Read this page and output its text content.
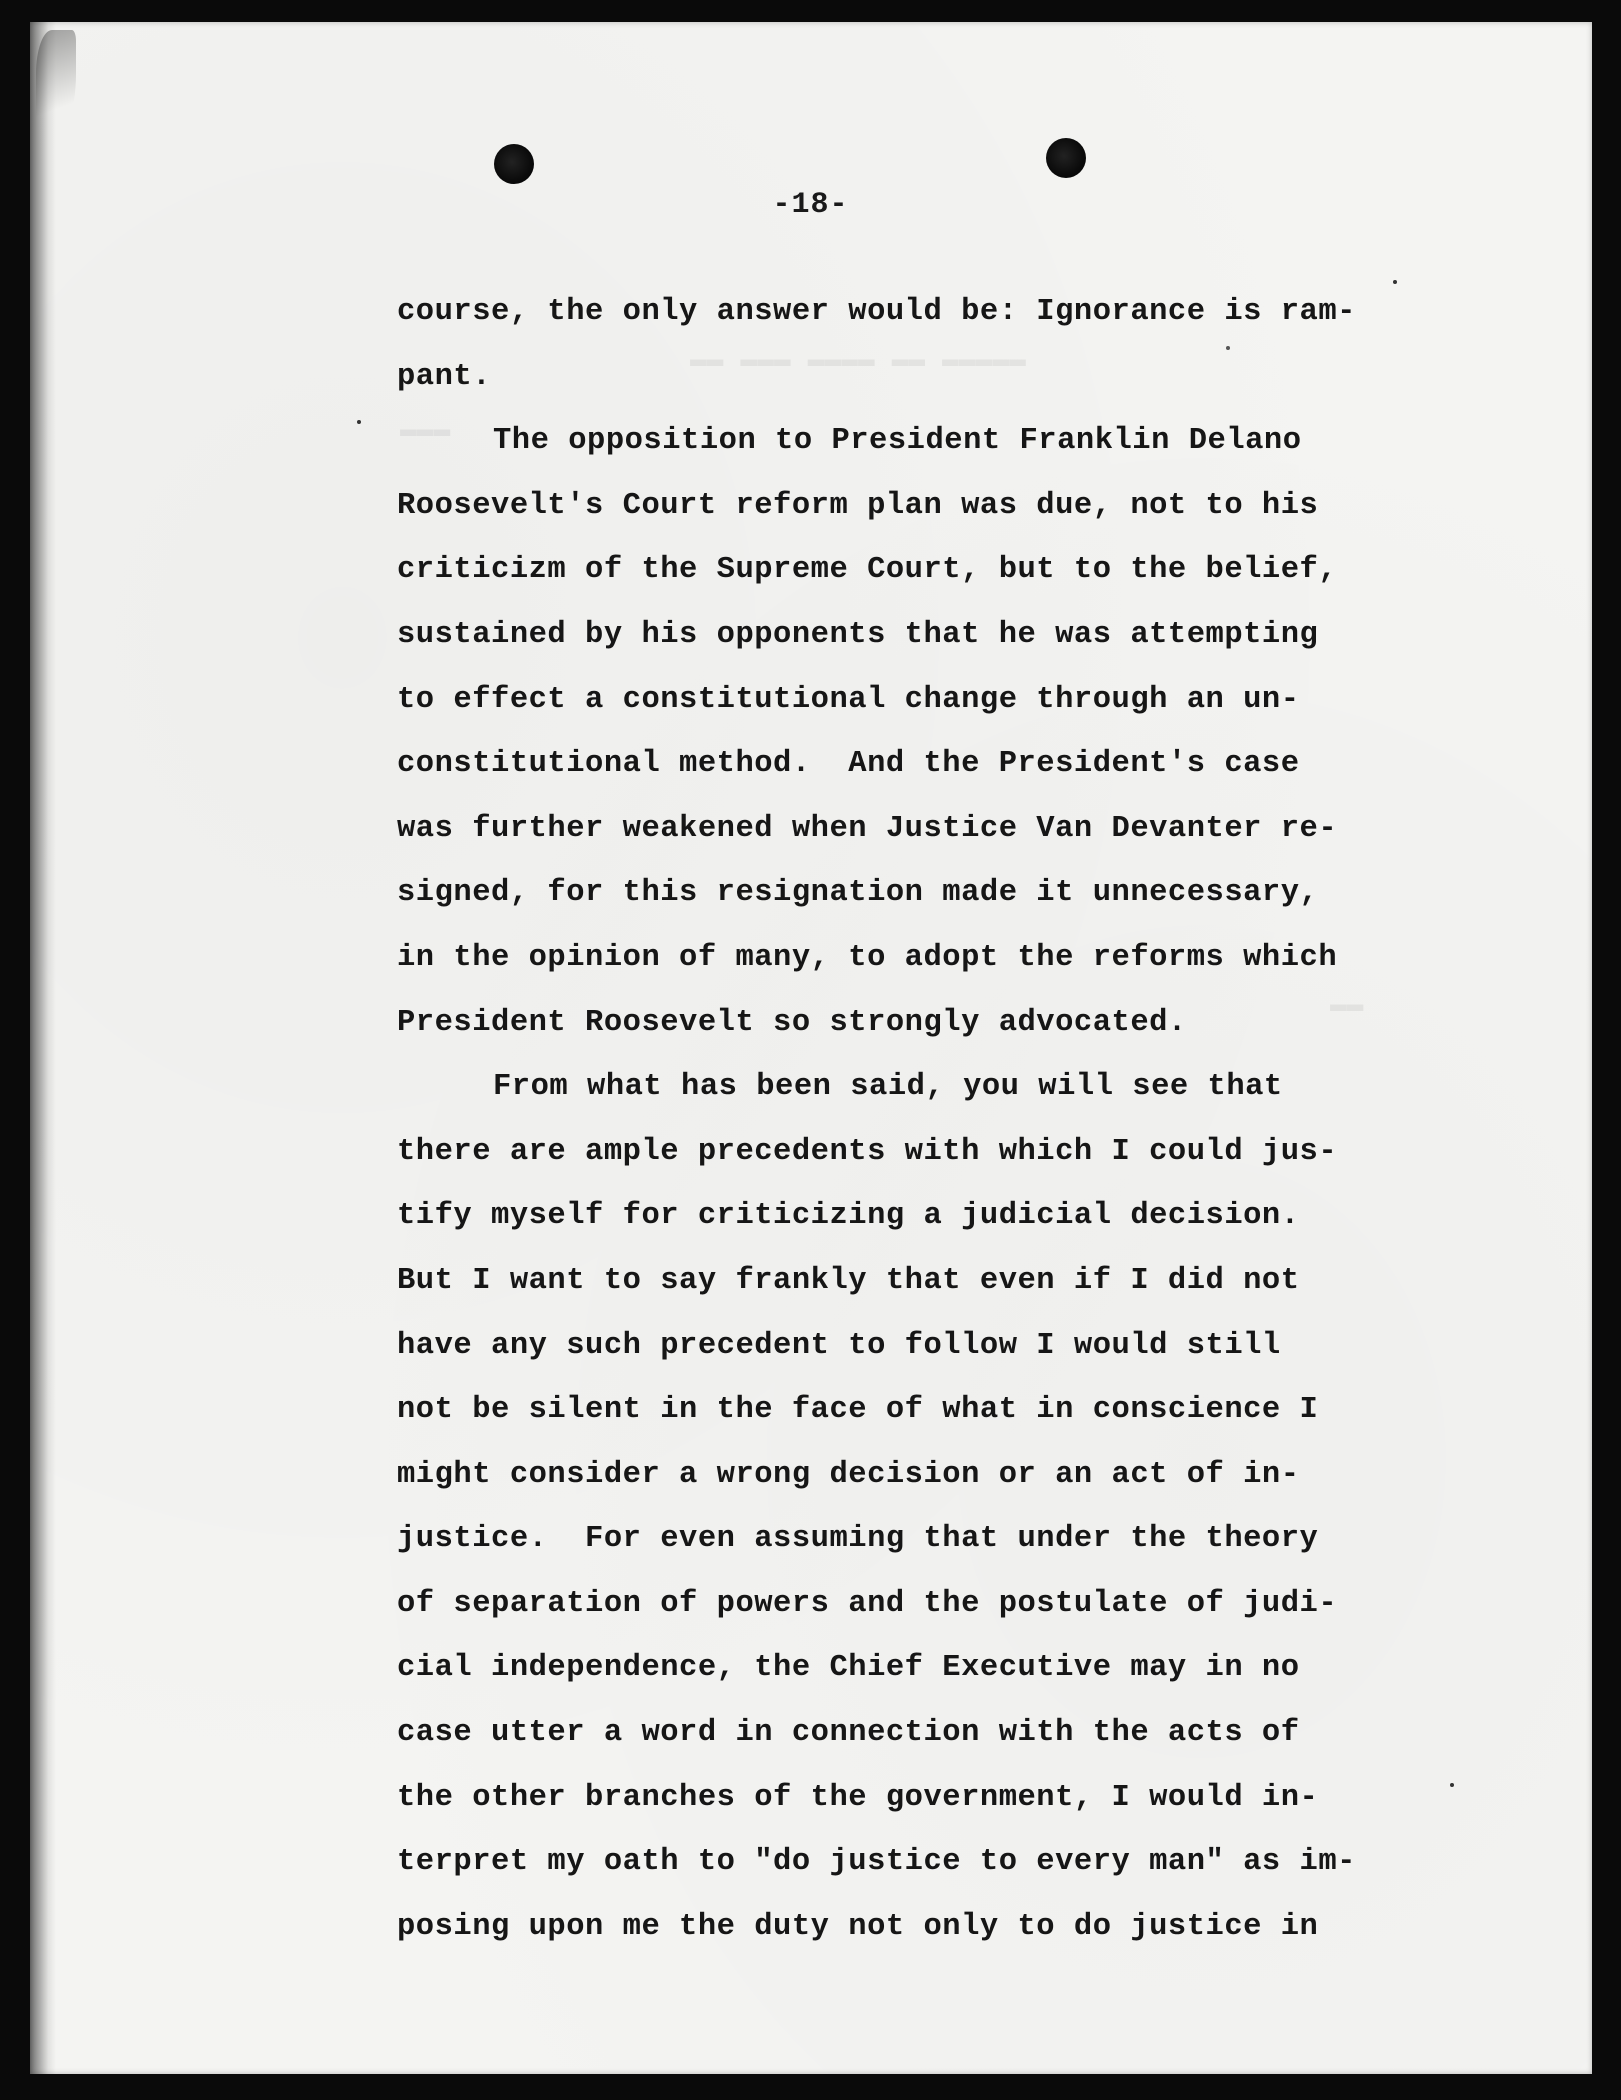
▬▬ ▬▬▬ ▬▬▬▬ ▬▬ ▬▬▬▬▬
▬▬▬
▬▬
-18-
course, the only answer would be: Ignorance is ram-
pant.
The opposition to President Franklin Delano
Roosevelt's Court reform plan was due, not to his
criticizm of the Supreme Court, but to the belief,
sustained by his opponents that he was attempting
to effect a constitutional change through an un-
constitutional method.  And the President's case
was further weakened when Justice Van Devanter re-
signed, for this resignation made it unnecessary,
in the opinion of many, to adopt the reforms which
President Roosevelt so strongly advocated.
From what has been said, you will see that
there are ample precedents with which I could jus-
tify myself for criticizing a judicial decision.
But I want to say frankly that even if I did not
have any such precedent to follow I would still
not be silent in the face of what in conscience I
might consider a wrong decision or an act of in-
justice.  For even assuming that under the theory
of separation of powers and the postulate of judi-
cial independence, the Chief Executive may in no
case utter a word in connection with the acts of
the other branches of the government, I would in-
terpret my oath to "do justice to every man" as im-
posing upon me the duty not only to do justice in
